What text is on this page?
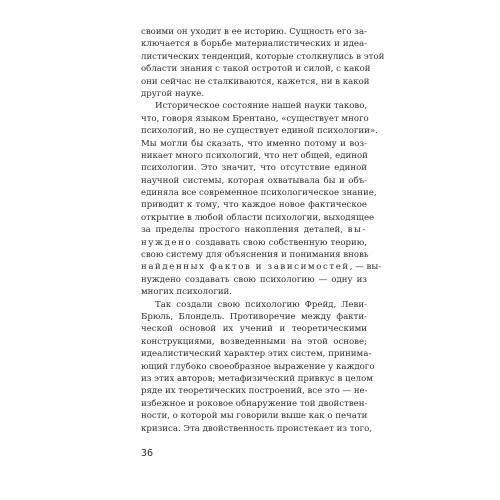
своими он уходит в ее историю. Сущность его за-
ключается в борьбе материалистических и идеа-
листических тенденций, которые столкнулись в этой
области знания с такой остротой и силой, с какой
они сейчас не сталкиваются, кажется, ни в какой
другой науке.
Историческое состояние нашей науки таково,
что, говоря языком Брентано, «существует много
психологий, но не существует единой психологии».
Мы могли бы сказать, что именно потому и воз-
никает много психологий, что нет общей, единой
психологии. Это значит, что отсутствие единой
научной системы, которая охватывала бы и объ-
единяла все современное психологическое знание,
приводит к тому, что каждое новое фактическое
открытие в любой области психологии, выходящее
за пределы простого накопления деталей, вы-
нуждено создавать свою собственную теорию,
свою систему для объяснения и понимания вновь
найденных фактов и зависимостей, — вы-
нуждено создавать свою психологию — одну из
многих психологий.
Так создали свою психологию Фрейд, Леви-
Брюль, Блондель. Противоречие между факти-
ческой основой их учений и теоретическими
конструкциями, возведенными на этой основе;
идеалистический характер этих систем, принима-
ющий глубоко своеобразное выражение у каждого
из этих авторов; метафизический привкус в целом
ряде их теоретических построений, все это — не-
избежное и роковое обнаружение той двойствен-
ности, о которой мы говорили выше как о печати
кризиса. Эта двойственность проистекает из того,
36
